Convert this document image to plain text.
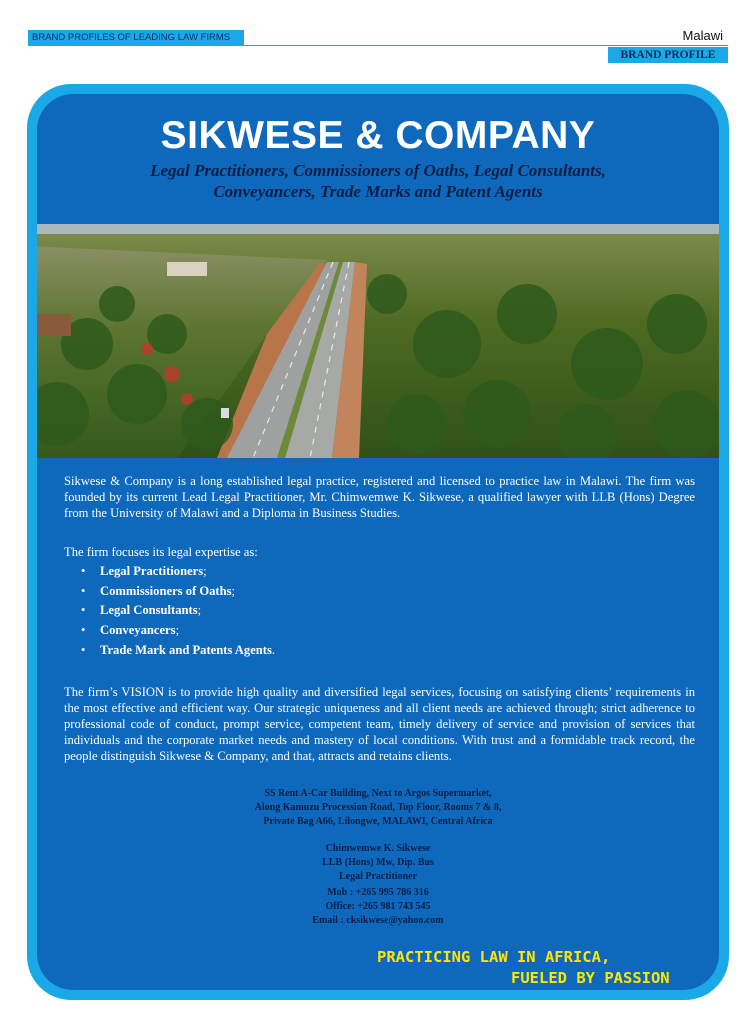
BRAND PROFILES OF LEADING LAW FIRMS	Malawi
BRAND PROFILE
SIKWESE & COMPANY
Legal Practitioners, Commissioners of Oaths, Legal Consultants,
Conveyancers, Trade Marks and Patent Agents
Sikwese & Company is a long established legal practice, registered and licensed to practice law in Malawi. The firm was founded by its current Lead Legal Practitioner, Mr. Chimwemwe K. Sikwese, a qualified lawyer with LLB (Hons) Degree from the University of Malawi and a Diploma in Business Studies.
The firm focuses its legal expertise as:
• Legal Practitioners;
• Commissioners of Oaths;
• Legal Consultants;
• Conveyancers;
• Trade Mark and Patents Agents.
The firm’s VISION is to provide high quality and diversified legal services, focusing on satisfying clients’ requirements in the most effective and efficient way. Our strategic uniqueness and all client needs are achieved through; strict adherence to professional code of conduct, prompt service, competent team, timely delivery of service and provision of services that individuals and the corporate market needs and mastery of local conditions. With trust and a formidable track record, the people distinguish Sikwese & Company, and that, attracts and retains clients.
SS Rent A-Car Building, Next to Argos Supermarket,
Along Kamuzu Procession Road, Top Floor, Rooms 7 & 8,
Private Bag A66, Lilongwe, MALAWI, Central Africa
Chimwemwe K. Sikwese
LLB (Hons) Mw, Dip. Bus
Legal Practitioner
Mob : +265 995 786 316
Office: +265 981 743 545
Email : cksikwese@yahoo.com
PRACTICING LAW IN AFRICA,
FUELED BY PASSION
